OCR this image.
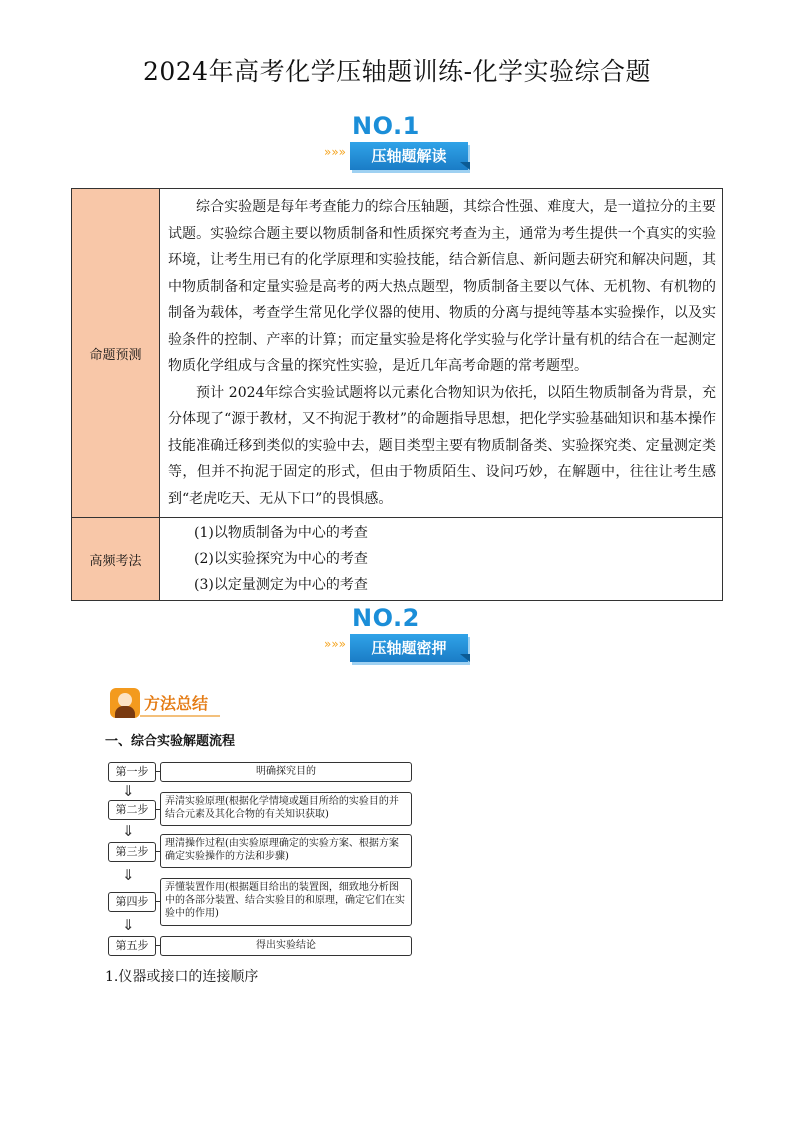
2024年高考化学压轴题训练-化学实验综合题
NO.1
»»»	压轴题解读
命题预测	综合实验题是每年考查能力的综合压轴题，其综合性强、难度大，是一道拉分的主要试题。实验综合题主要以物质制备和性质探究考查为主，通常为考生提供一个真实的实验环境，让考生用已有的化学原理和实验技能，结合新信息、新问题去研究和解决问题，其中物质制备和定量实验是高考的两大热点题型，物质制备主要以气体、无机物、有机物的制备为载体，考查学生常见化学仪器的使用、物质的分离与提纯等基本实验操作，以及实验条件的控制、产率的计算；而定量实验是将化学实验与化学计量有机的结合在一起测定物质化学组成与含量的探究性实验，是近几年高考命题的常考题型。

预计 2024年综合实验试题将以元素化合物知识为依托，以陌生物质制备为背景，充分体现了“源于教材，又不拘泥于教材”的命题指导思想，把化学实验基础知识和基本操作技能准确迁移到类似的实验中去，题目类型主要有物质制备类、实验探究类、定量测定类等，但并不拘泥于固定的形式，但由于物质陌生、设问巧妙，在解题中，往往让考生感到“老虎吃天、无从下口”的畏惧感。

高频考法	(1)以物质制备为中心的考查

(2)以实验探究为中心的考查

(3)以定量测定为中心的考查

NO.2
»»»	压轴题密押
方法总结
一、综合实验解题流程
第一步	明确探究目的
⇓
第二步
弄清实验原理(根据化学情境或题目所给的实验目的并结合元素及其化合物的有关知识获取)
⇓
第三步
理清操作过程(由实验原理确定的实验方案、根据方案确定实验操作的方法和步骤)
⇓
第四步
弄懂装置作用(根据题目给出的装置图，细致地分析图中的各部分装置、结合实验目的和原理，确定它们在实验中的作用)
⇓
第五步	得出实验结论
1.仪器或接口的连接顺序
